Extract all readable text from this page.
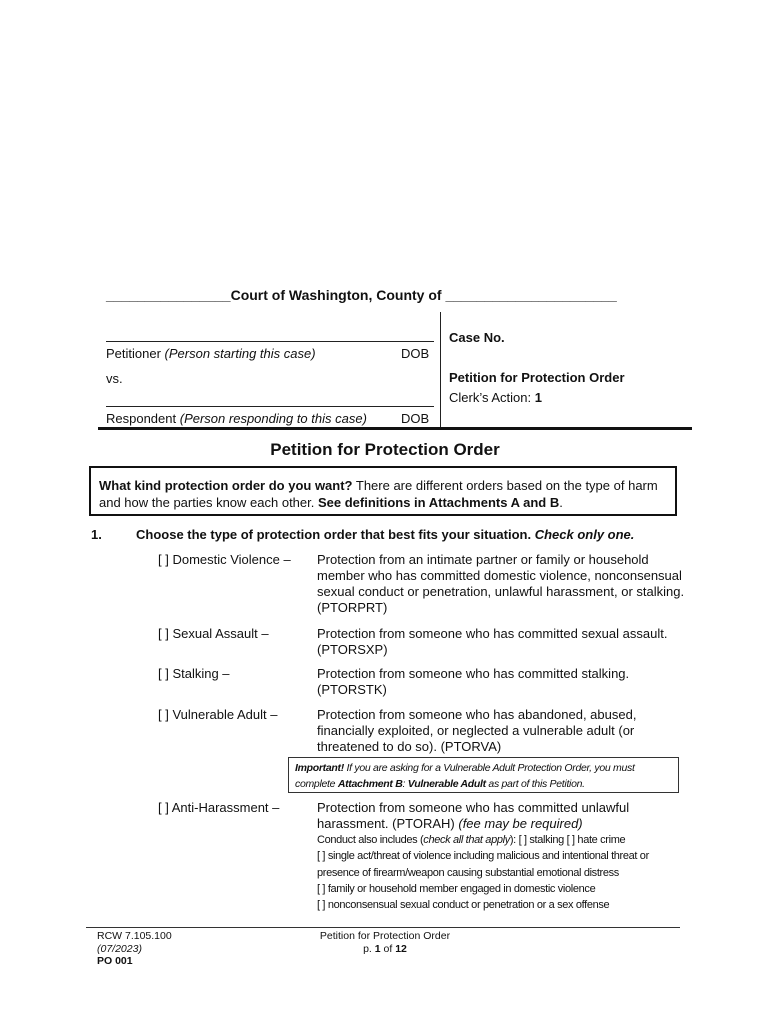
________________Court of Washington, County of ______________________
Petitioner (Person starting this case)	DOB
vs.
Respondent (Person responding to this case)	DOB
Case No.
Petition for Protection Order
Clerk’s Action: 1
Petition for Protection Order
What kind protection order do you want? There are different orders based on the type of harm and how the parties know each other. See definitions in Attachments A and B.
1.	Choose the type of protection order that best fits your situation. Check only one.
[ ] Domestic Violence – Protection from an intimate partner or family or household member who has committed domestic violence, nonconsensual sexual conduct or penetration, unlawful harassment, or stalking. (PTORPRT)
[ ] Sexual Assault –	Protection from someone who has committed sexual assault. (PTORSXP)
[ ] Stalking –	Protection from someone who has committed stalking. (PTORSTK)
[ ] Vulnerable Adult –	Protection from someone who has abandoned, abused, financially exploited, or neglected a vulnerable adult (or threatened to do so). (PTORVA)
Important! If you are asking for a Vulnerable Adult Protection Order, you must complete Attachment B: Vulnerable Adult as part of this Petition.
[ ] Anti-Harassment –	Protection from someone who has committed unlawful harassment. (PTORAH) (fee may be required)
Conduct also includes (check all that apply): [ ] stalking [ ] hate crime
[ ] single act/threat of violence including malicious and intentional threat or presence of firearm/weapon causing substantial emotional distress
[ ] family or household member engaged in domestic violence
[ ] nonconsensual sexual conduct or penetration or a sex offense
RCW 7.105.100
(07/2023)
PO 001
Petition for Protection Order
p. 1 of 12
